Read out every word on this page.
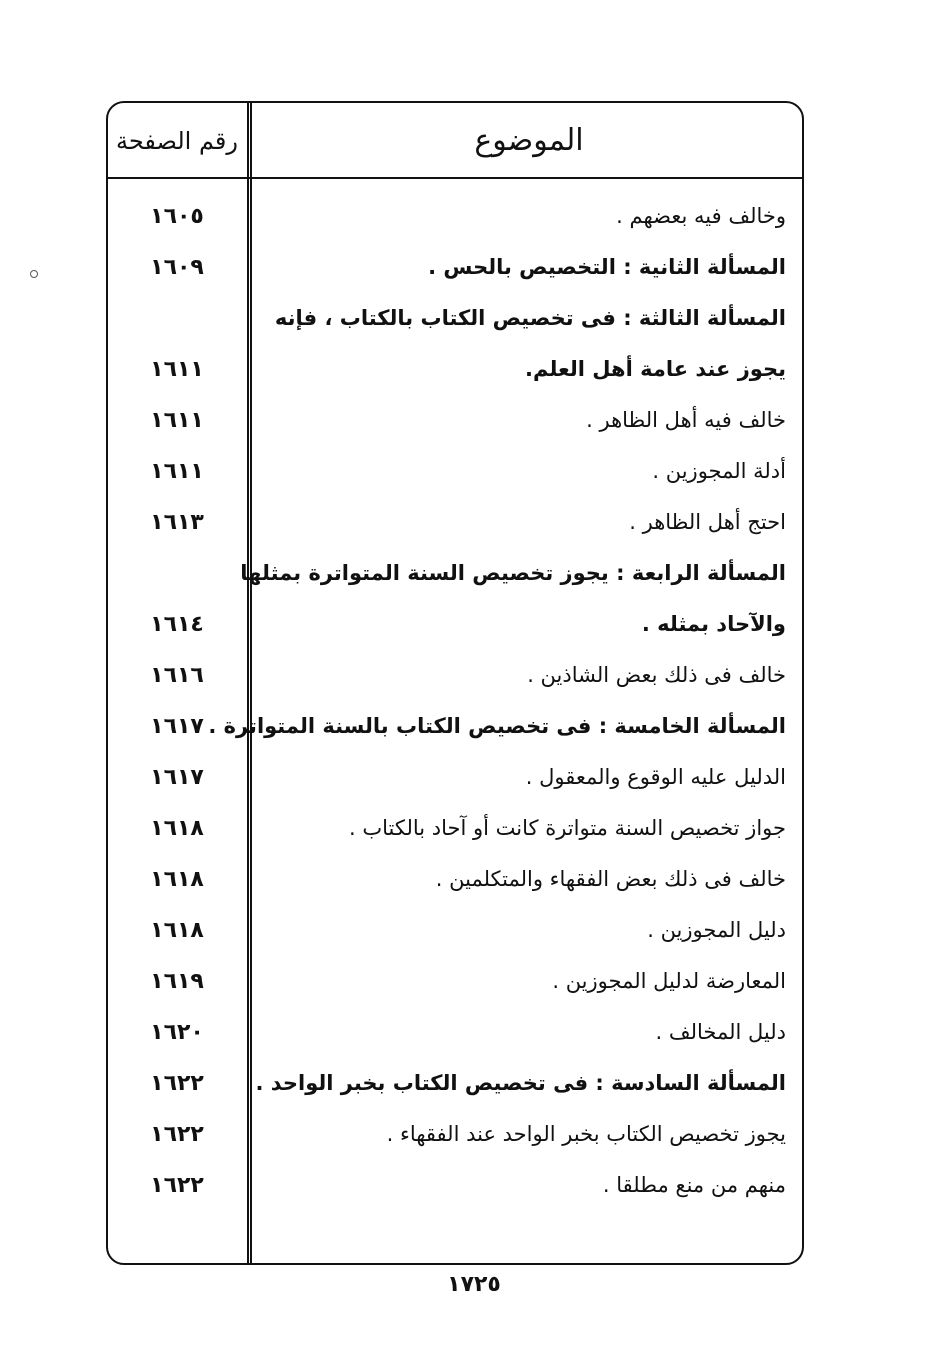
الموضوع
رقم الصفحة
وخالف فيه بعضهم .
١٦٠٥
المسألة الثانية : التخصيص بالحس .
١٦٠٩
المسألة الثالثة : فى تخصيص الكتاب بالكتاب ، فإنه
يجوز عند عامة أهل العلم.
١٦١١
خالف فيه أهل الظاهر .
١٦١١
أدلة المجوزين .
١٦١١
احتج أهل الظاهر .
١٦١٣
المسألة الرابعة : يجوز تخصيص السنة المتواترة بمثلها
والآحاد بمثله .
١٦١٤
خالف فى ذلك بعض الشاذين .
١٦١٦
المسألة الخامسة : فى تخصيص الكتاب بالسنة المتواترة .
١٦١٧
الدليل عليه الوقوع والمعقول .
١٦١٧
جواز تخصيص السنة متواترة كانت أو آحاد بالكتاب .
١٦١٨
خالف فى ذلك بعض الفقهاء والمتكلمين .
١٦١٨
دليل المجوزين .
١٦١٨
المعارضة لدليل المجوزين .
١٦١٩
دليل المخالف .
١٦٢٠
المسألة السادسة : فى تخصيص الكتاب بخبر الواحد .
١٦٢٢
يجوز تخصيص الكتاب بخبر الواحد عند الفقهاء .
١٦٢٢
منهم من منع مطلقا .
١٦٢٢
١٧٢٥
